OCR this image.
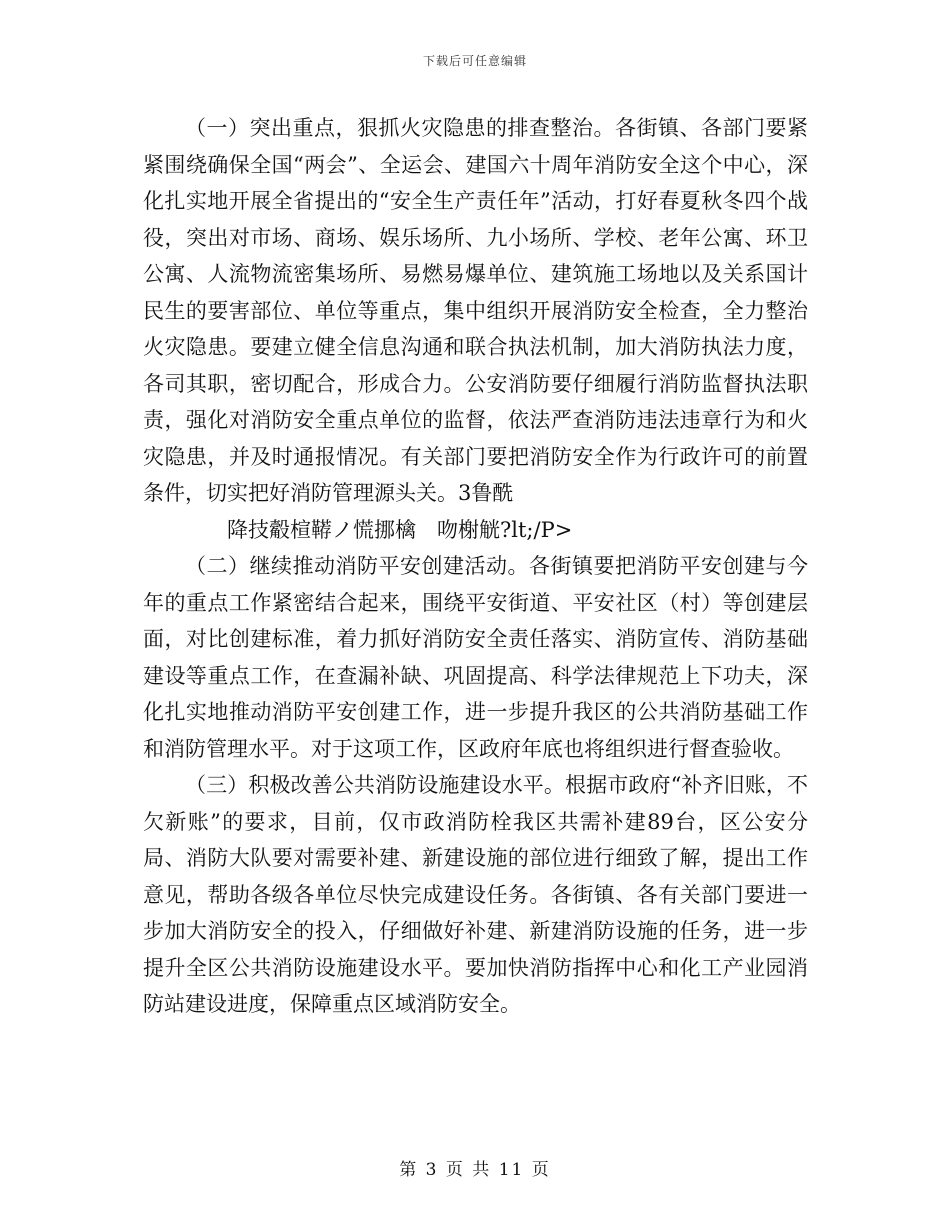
下载后可任意编辑

（一）突出重点，狠抓火灾隐患的排查整治。各街镇、各部门要紧紧围绕确保全国“两会”、全运会、建国六十周年消防安全这个中心，深化扎实地开展全省提出的“安全生产责任年”活动，打好春夏秋冬四个战役，突出对市场、商场、娱乐场所、九小场所、学校、老年公寓、环卫公寓、人流物流密集场所、易燃易爆单位、建筑施工场地以及关系国计民生的要害部位、单位等重点，集中组织开展消防安全检查，全力整治火灾隐患。要建立健全信息沟通和联合执法机制，加大消防执法力度，各司其职，密切配合，形成合力。公安消防要仔细履行消防监督执法职责，强化对消防安全重点单位的监督，依法严查消防违法违章行为和火灾隐患，并及时通报情况。有关部门要把消防安全作为行政许可的前置条件，切实把好消防管理源头关。3鲁酰

降技觳楦鞯ノ慌挪檎　吻榭觥?lt;/P>

（二）继续推动消防平安创建活动。各街镇要把消防平安创建与今年的重点工作紧密结合起来，围绕平安街道、平安社区（村）等创建层面，对比创建标准，着力抓好消防安全责任落实、消防宣传、消防基础建设等重点工作，在查漏补缺、巩固提高、科学法律规范上下功夫，深化扎实地推动消防平安创建工作，进一步提升我区的公共消防基础工作和消防管理水平。对于这项工作，区政府年底也将组织进行督查验收。

（三）积极改善公共消防设施建设水平。根据市政府“补齐旧账，不欠新账”的要求，目前，仅市政消防栓我区共需补建89台，区公安分局、消防大队要对需要补建、新建设施的部位进行细致了解，提出工作意见，帮助各级各单位尽快完成建设任务。各街镇、各有关部门要进一步加大消防安全的投入，仔细做好补建、新建消防设施的任务，进一步提升全区公共消防设施建设水平。要加快消防指挥中心和化工产业园消防站建设进度，保障重点区域消防安全。

第 3 页 共 11 页
